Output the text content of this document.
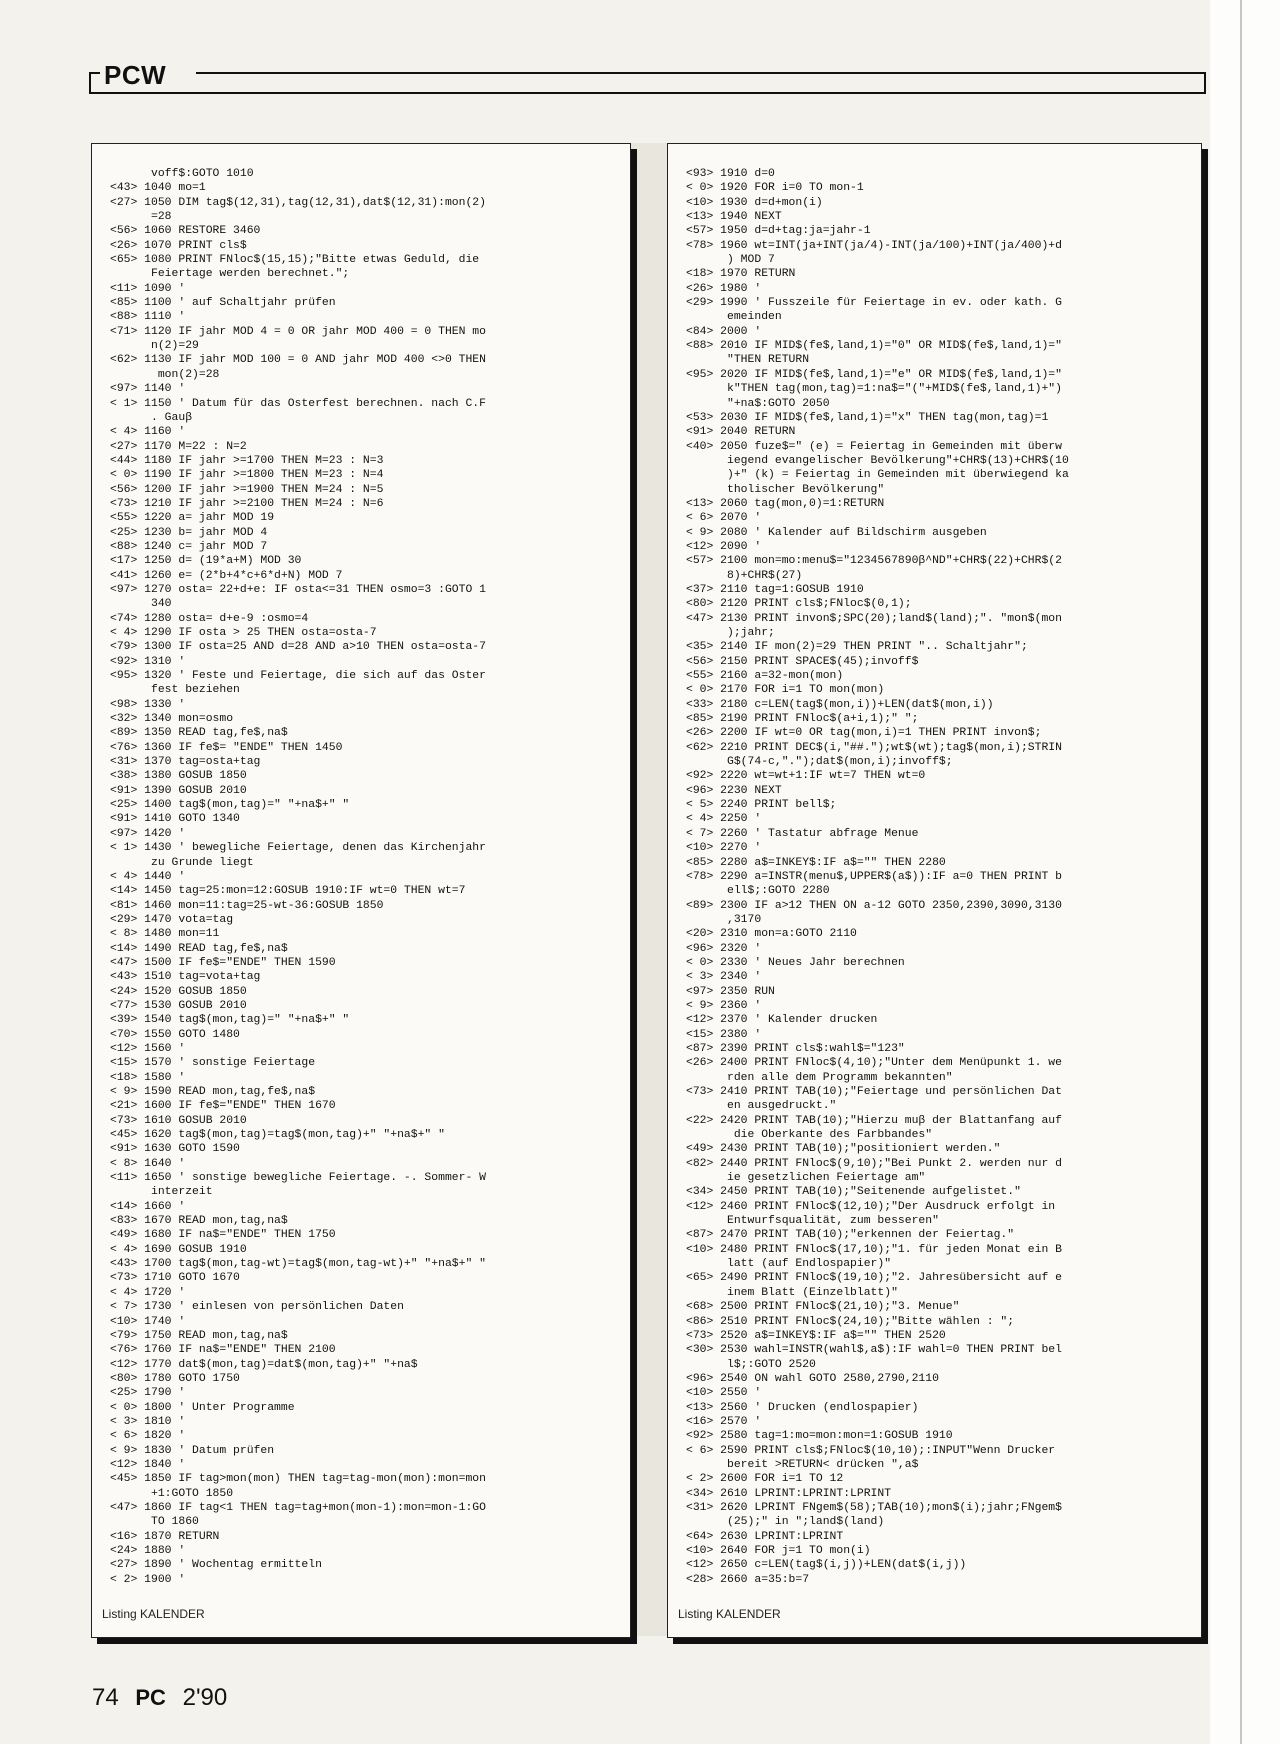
PCW
voff$:GOTO 1010
<43> 1040 mo=1
<27> 1050 DIM tag$(12,31),tag(12,31),dat$(12,31):mon(2)
=28
<56> 1060 RESTORE 3460
<26> 1070 PRINT cls$
<65> 1080 PRINT FNloc$(15,15);"Bitte etwas Geduld, die
Feiertage werden berechnet.";
<11> 1090 '
<85> 1100 ' auf Schaltjahr prüfen
<88> 1110 '
<71> 1120 IF jahr MOD 4 = 0 OR jahr MOD 400 = 0 THEN mo
n(2)=29
<62> 1130 IF jahr MOD 100 = 0 AND jahr MOD 400 <>0 THEN
mon(2)=28
<97> 1140 '
< 1> 1150 ' Datum für das Osterfest berechnen. nach C.F
. Gauβ
< 4> 1160 '
<27> 1170 M=22 : N=2
<44> 1180 IF jahr >=1700 THEN M=23 : N=3
< 0> 1190 IF jahr >=1800 THEN M=23 : N=4
<56> 1200 IF jahr >=1900 THEN M=24 : N=5
<73> 1210 IF jahr >=2100 THEN M=24 : N=6
<55> 1220 a= jahr MOD 19
<25> 1230 b= jahr MOD 4
<88> 1240 c= jahr MOD 7
<17> 1250 d= (19*a+M) MOD 30
<41> 1260 e= (2*b+4*c+6*d+N) MOD 7
<97> 1270 osta= 22+d+e: IF osta<=31 THEN osmo=3 :GOTO 1
340
<74> 1280 osta= d+e-9 :osmo=4
< 4> 1290 IF osta > 25 THEN osta=osta-7
<79> 1300 IF osta=25 AND d=28 AND a>10 THEN osta=osta-7
<92> 1310 '
<95> 1320 ' Feste und Feiertage, die sich auf das Oster
fest beziehen
<98> 1330 '
<32> 1340 mon=osmo
<89> 1350 READ tag,fe$,na$
<76> 1360 IF fe$= "ENDE" THEN 1450
<31> 1370 tag=osta+tag
<38> 1380 GOSUB 1850
<91> 1390 GOSUB 2010
<25> 1400 tag$(mon,tag)=" "+na$+" "
<91> 1410 GOTO 1340
<97> 1420 '
< 1> 1430 ' bewegliche Feiertage, denen das Kirchenjahr
zu Grunde liegt
< 4> 1440 '
<14> 1450 tag=25:mon=12:GOSUB 1910:IF wt=0 THEN wt=7
<81> 1460 mon=11:tag=25-wt-36:GOSUB 1850
<29> 1470 vota=tag
< 8> 1480 mon=11
<14> 1490 READ tag,fe$,na$
<47> 1500 IF fe$="ENDE" THEN 1590
<43> 1510 tag=vota+tag
<24> 1520 GOSUB 1850
<77> 1530 GOSUB 2010
<39> 1540 tag$(mon,tag)=" "+na$+" "
<70> 1550 GOTO 1480
<12> 1560 '
<15> 1570 ' sonstige Feiertage
<18> 1580 '
< 9> 1590 READ mon,tag,fe$,na$
<21> 1600 IF fe$="ENDE" THEN 1670
<73> 1610 GOSUB 2010
<45> 1620 tag$(mon,tag)=tag$(mon,tag)+" "+na$+" "
<91> 1630 GOTO 1590
< 8> 1640 '
<11> 1650 ' sonstige bewegliche Feiertage. -. Sommer- W
interzeit
<14> 1660 '
<83> 1670 READ mon,tag,na$
<49> 1680 IF na$="ENDE" THEN 1750
< 4> 1690 GOSUB 1910
<43> 1700 tag$(mon,tag-wt)=tag$(mon,tag-wt)+" "+na$+" "
<73> 1710 GOTO 1670
< 4> 1720 '
< 7> 1730 ' einlesen von persönlichen Daten
<10> 1740 '
<79> 1750 READ mon,tag,na$
<76> 1760 IF na$="ENDE" THEN 2100
<12> 1770 dat$(mon,tag)=dat$(mon,tag)+" "+na$
<80> 1780 GOTO 1750
<25> 1790 '
< 0> 1800 ' Unter Programme
< 3> 1810 '
< 6> 1820 '
< 9> 1830 ' Datum prüfen
<12> 1840 '
<45> 1850 IF tag>mon(mon) THEN tag=tag-mon(mon):mon=mon
+1:GOTO 1850
<47> 1860 IF tag<1 THEN tag=tag+mon(mon-1):mon=mon-1:GO
TO 1860
<16> 1870 RETURN
<24> 1880 '
<27> 1890 ' Wochentag ermitteln
< 2> 1900 '
Listing KALENDER
<93> 1910 d=0
< 0> 1920 FOR i=0 TO mon-1
<10> 1930 d=d+mon(i)
<13> 1940 NEXT
<57> 1950 d=d+tag:ja=jahr-1
<78> 1960 wt=INT(ja+INT(ja/4)-INT(ja/100)+INT(ja/400)+d
) MOD 7
<18> 1970 RETURN
<26> 1980 '
<29> 1990 ' Fusszeile für Feiertage in ev. oder kath. G
emeinden
<84> 2000 '
<88> 2010 IF MID$(fe$,land,1)="0" OR MID$(fe$,land,1)="
"THEN RETURN
<95> 2020 IF MID$(fe$,land,1)="e" OR MID$(fe$,land,1)="
k"THEN tag(mon,tag)=1:na$="("+MID$(fe$,land,1)+")
"+na$:GOTO 2050
<53> 2030 IF MID$(fe$,land,1)="x" THEN tag(mon,tag)=1
<91> 2040 RETURN
<40> 2050 fuze$=" (e) = Feiertag in Gemeinden mit überw
iegend evangelischer Bevölkerung"+CHR$(13)+CHR$(10
)+" (k) = Feiertag in Gemeinden mit überwiegend ka
tholischer Bevölkerung"
<13> 2060 tag(mon,0)=1:RETURN
< 6> 2070 '
< 9> 2080 ' Kalender auf Bildschirm ausgeben
<12> 2090 '
<57> 2100 mon=mo:menu$="1234567890β^ND"+CHR$(22)+CHR$(2
8)+CHR$(27)
<37> 2110 tag=1:GOSUB 1910
<80> 2120 PRINT cls$;FNloc$(0,1);
<47> 2130 PRINT invon$;SPC(20);land$(land);". "mon$(mon
);jahr;
<35> 2140 IF mon(2)=29 THEN PRINT ".. Schaltjahr";
<56> 2150 PRINT SPACE$(45);invoff$
<55> 2160 a=32-mon(mon)
< 0> 2170 FOR i=1 TO mon(mon)
<33> 2180 c=LEN(tag$(mon,i))+LEN(dat$(mon,i))
<85> 2190 PRINT FNloc$(a+i,1);" ";
<26> 2200 IF wt=0 OR tag(mon,i)=1 THEN PRINT invon$;
<62> 2210 PRINT DEC$(i,"##.");wt$(wt);tag$(mon,i);STRIN
G$(74-c,".");dat$(mon,i);invoff$;
<92> 2220 wt=wt+1:IF wt=7 THEN wt=0
<96> 2230 NEXT
< 5> 2240 PRINT bell$;
< 4> 2250 '
< 7> 2260 ' Tastatur abfrage Menue
<10> 2270 '
<85> 2280 a$=INKEY$:IF a$="" THEN 2280
<78> 2290 a=INSTR(menu$,UPPER$(a$)):IF a=0 THEN PRINT b
ell$;:GOTO 2280
<89> 2300 IF a>12 THEN ON a-12 GOTO 2350,2390,3090,3130
,3170
<20> 2310 mon=a:GOTO 2110
<96> 2320 '
< 0> 2330 ' Neues Jahr berechnen
< 3> 2340 '
<97> 2350 RUN
< 9> 2360 '
<12> 2370 ' Kalender drucken
<15> 2380 '
<87> 2390 PRINT cls$:wahl$="123"
<26> 2400 PRINT FNloc$(4,10);"Unter dem Menüpunkt 1. we
rden alle dem Programm bekannten"
<73> 2410 PRINT TAB(10);"Feiertage und persönlichen Dat
en ausgedruckt."
<22> 2420 PRINT TAB(10);"Hierzu muβ der Blattanfang auf
die Oberkante des Farbbandes"
<49> 2430 PRINT TAB(10);"positioniert werden."
<82> 2440 PRINT FNloc$(9,10);"Bei Punkt 2. werden nur d
ie gesetzlichen Feiertage am"
<34> 2450 PRINT TAB(10);"Seitenende aufgelistet."
<12> 2460 PRINT FNloc$(12,10);"Der Ausdruck erfolgt in
Entwurfsqualität, zum besseren"
<87> 2470 PRINT TAB(10);"erkennen der Feiertag."
<10> 2480 PRINT FNloc$(17,10);"1. für jeden Monat ein B
latt (auf Endlospapier)"
<65> 2490 PRINT FNloc$(19,10);"2. Jahresübersicht auf e
inem Blatt (Einzelblatt)"
<68> 2500 PRINT FNloc$(21,10);"3. Menue"
<86> 2510 PRINT FNloc$(24,10);"Bitte wählen : ";
<73> 2520 a$=INKEY$:IF a$="" THEN 2520
<30> 2530 wahl=INSTR(wahl$,a$):IF wahl=0 THEN PRINT bel
l$;:GOTO 2520
<96> 2540 ON wahl GOTO 2580,2790,2110
<10> 2550 '
<13> 2560 ' Drucken (endlospapier)
<16> 2570 '
<92> 2580 tag=1:mo=mon:mon=1:GOSUB 1910
< 6> 2590 PRINT cls$;FNloc$(10,10);:INPUT"Wenn Drucker
bereit >RETURN< drücken ",a$
< 2> 2600 FOR i=1 TO 12
<34> 2610 LPRINT:LPRINT:LPRINT
<31> 2620 LPRINT FNgem$(58);TAB(10);mon$(i);jahr;FNgem$
(25);" in ";land$(land)
<64> 2630 LPRINT:LPRINT
<10> 2640 FOR j=1 TO mon(i)
<12> 2650 c=LEN(tag$(i,j))+LEN(dat$(i,j))
<28> 2660 a=35:b=7
Listing KALENDER
74 PC 2'90
